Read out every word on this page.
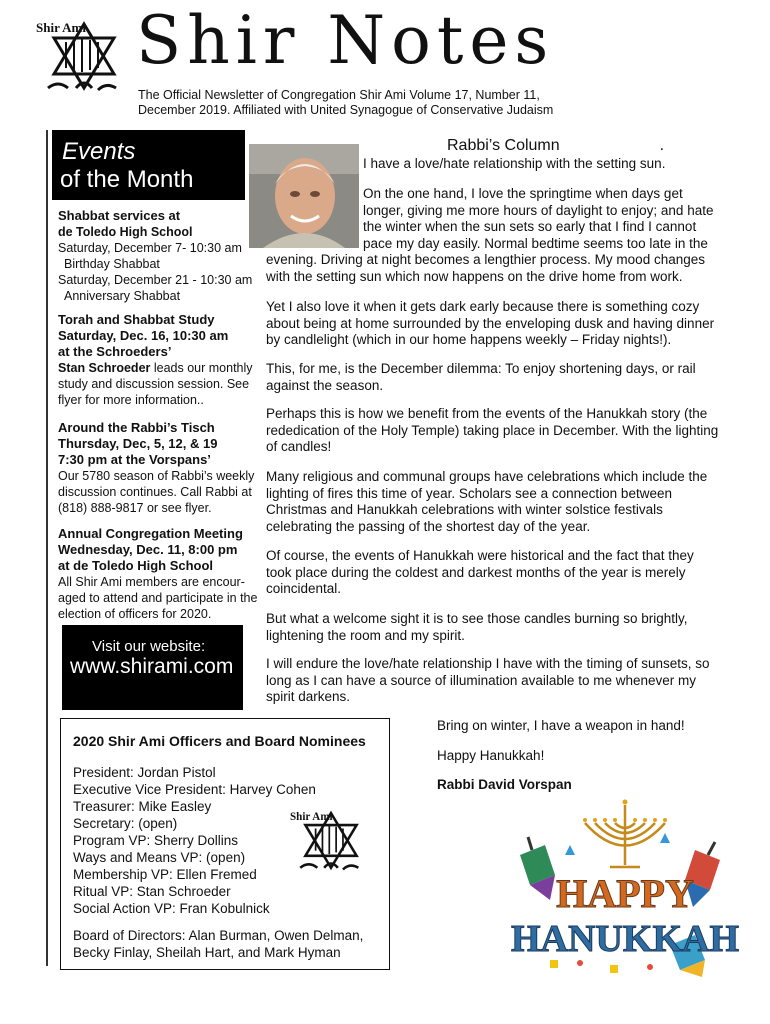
Shir Ami Shir Notes
The Official Newsletter of Congregation Shir Ami Volume 17, Number 11,
December 2019. Affiliated with United Synagogue of Conservative Judaism
Events
of the Month
Shabbat services at
de Toledo High School
Saturday, December 7- 10:30 am
Birthday Shabbat
Saturday, December 21 - 10:30 am
Anniversary Shabbat
Torah and Shabbat Study
Saturday, Dec. 16, 10:30 am
at the Schroeders’
Stan Schroeder leads our monthly
study and discussion session. See
flyer for more information..
Around the Rabbi’s Tisch
Thursday, Dec, 5, 12, & 19
7:30 pm at the Vorspans’
Our 5780 season of Rabbi’s weekly
discussion continues. Call Rabbi at
(818) 888-9817 or see flyer.
Annual Congregation Meeting
Wednesday, Dec. 11, 8:00 pm
at de Toledo High School
All Shir Ami members are encour-
aged to attend and participate in the
election of officers for 2020.
Visit our website:
www.shirami.com
2020 Shir Ami Officers and Board Nominees
President: Jordan Pistol
Executive Vice President: Harvey Cohen
Treasurer: Mike Easley
Secretary: (open)
Program VP: Sherry Dollins
Ways and Means VP: (open)
Membership VP: Ellen Fremed
Ritual VP: Stan Schroeder
Social Action VP: Fran Kobulnick
Board of Directors: Alan Burman, Owen Delman,
Becky Finlay, Sheilah Hart, and Mark Hyman
Shir Ami
Rabbi’s Column	.
I have a love/hate relationship with the setting sun.
On the one hand, I love the springtime when days get
longer, giving me more hours of daylight to enjoy; and hate
the winter when the sun sets so early that I find I cannot
pace my day easily. Normal bedtime seems too late in the
evening. Driving at night becomes a lengthier process. My mood changes
with the setting sun which now happens on the drive home from work.
Yet I also love it when it gets dark early because there is something cozy
about being at home surrounded by the enveloping dusk and having dinner
by candlelight (which in our home happens weekly – Friday nights!).
This, for me, is the December dilemma: To enjoy shortening days, or rail
against the season.
Perhaps this is how we benefit from the events of the Hanukkah story (the
rededication of the Holy Temple) taking place in December. With the lighting
of candles!
Many religious and communal groups have celebrations which include the
lighting of fires this time of year. Scholars see a connection between
Christmas and Hanukkah celebrations with winter solstice festivals
celebrating the passing of the shortest day of the year.
Of course, the events of Hanukkah were historical and the fact that they
took place during the coldest and darkest months of the year is merely
coincidental.
But what a welcome sight it is to see those candles burning so brightly,
lightening the room and my spirit.
I will endure the love/hate relationship I have with the timing of sunsets, so
long as I can have a source of illumination available to me whenever my
spirit darkens.
Bring on winter, I have a weapon in hand!
Happy Hanukkah!
Rabbi David Vorspan
HAPPY
HANUKKAH
